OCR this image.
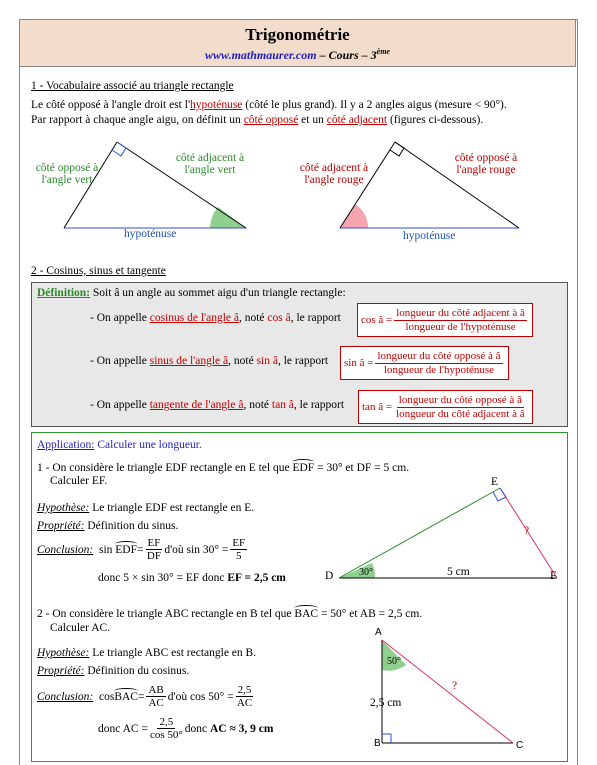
Trigonométrie
www.mathmaurer.com – Cours – 3ème
1 - Vocabulaire associé au triangle rectangle
Le côté opposé à l'angle droit est l'hypoténuse (côté le plus grand). Il y a 2 angles aigus (mesure < 90°).
Par rapport à chaque angle aigu, on définit un côté opposé et un côté adjacent (figures ci-dessous).
côté opposé à
l'angle vert
côté adjacent à
l'angle vert
hypoténuse
côté adjacent à
l'angle rouge
côté opposé à
l'angle rouge
hypoténuse
2 - Cosinus, sinus et tangente
Définition: Soit â un angle au sommet aigu d'un triangle rectangle:
- On appelle cosinus de l'angle â, noté cos â, le rapport cos â = $\frac{\text{longueur du côté adjacent à â}}{\text{longueur de l'hypoténuse}}$
- On appelle sinus de l'angle â, noté sin â, le rapport sin â = $\frac{\text{longueur du côté opposé à â}}{\text{longueur de l'hypoténuse}}$
- On appelle tangente de l'angle â, noté tan â, le rapport tan â = $\frac{\text{longueur du côté opposé à â}}{\text{longueur du côté adjacent à â}}$
Application: Calculer une longueur.
1 - On considère le triangle EDF rectangle en E tel que EDF = 30° et DF = 5 cm.
Calculer EF.
Hypothèse: Le triangle EDF est rectangle en E.
Propriété: Définition du sinus.
Conclusion:
sin
EDF = $\frac{EF}{DF}$ d'où $\sin 30^\circ = \frac{EF}{5}$
donc 5 × sin 30° = EF donc EF = 2,5 cm
E
D	F
?
30°	5 cm
2 - On considère le triangle ABC rectangle en B tel que BAC = 50° et AB = 2,5 cm.
Calculer AC.
Hypothèse: Le triangle ABC est rectangle en B.
Propriété: Définition du cosinus.
Conclusion:
cos BAC = $\frac{AB}{AC}$ d'où $\cos 50^\circ = \frac{2,5}{AC}$
donc AC = $\frac{2,5}{\cos 50^\circ}$ donc
AC ≈ 3, 9 cm
A
B	C
?
50°
2,5 cm
